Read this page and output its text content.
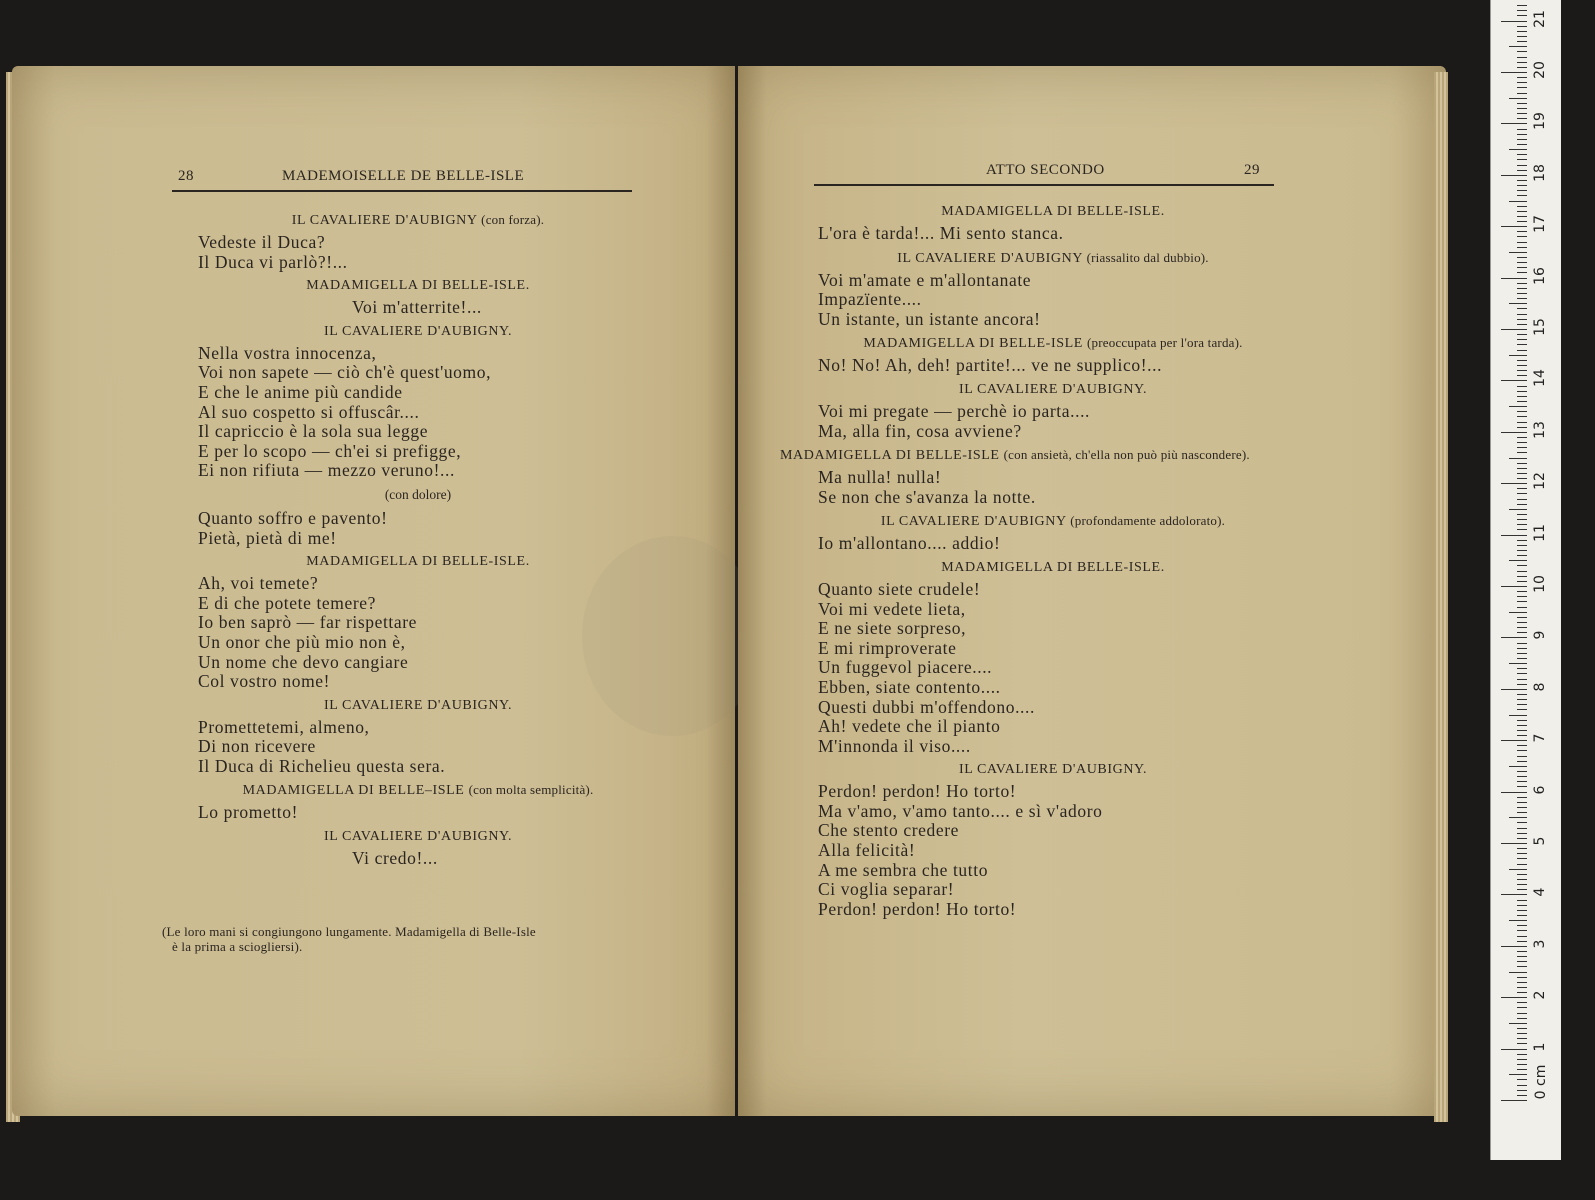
28	MADEMOISELLE DE BELLE-ISLE
IL CAVALIERE D'AUBIGNY (con forza).
Vedeste il Duca?
Il Duca vi parlò?!...
MADAMIGELLA DI BELLE-ISLE.
Voi m'atterrite!...
IL CAVALIERE D'AUBIGNY.
Nella vostra innocenza,
Voi non sapete — ciò ch'è quest'uomo,
E che le anime più candide
Al suo cospetto si offuscâr....
Il capriccio è la sola sua legge
E per lo scopo — ch'ei si prefigge,
Ei non rifiuta — mezzo veruno!...
(con dolore)
Quanto soffro e pavento!
Pietà, pietà di me!
MADAMIGELLA DI BELLE-ISLE.
Ah, voi temete?
E di che potete temere?
Io ben saprò — far rispettare
Un onor che più mio non è,
Un nome che devo cangiare
Col vostro nome!
IL CAVALIERE D'AUBIGNY.
Promettetemi, almeno,
Di non ricevere
Il Duca di Richelieu questa sera.
MADAMIGELLA DI BELLE–ISLE (con molta semplicità).
Lo prometto!
IL CAVALIERE D'AUBIGNY.
Vi credo!...
(Le loro mani si congiungono lungamente. Madamigella di Belle-Isle
è la prima a sciogliersi).
ATTO SECONDO	29
MADAMIGELLA DI BELLE-ISLE.
L'ora è tarda!... Mi sento stanca.
IL CAVALIERE D'AUBIGNY (riassalito dal dubbio).
Voi m'amate e m'allontanate
Impazïente....
Un istante, un istante ancora!
MADAMIGELLA DI BELLE-ISLE (preoccupata per l'ora tarda).
No! No! Ah, deh! partite!... ve ne supplico!...
IL CAVALIERE D'AUBIGNY.
Voi mi pregate — perchè io parta....
Ma, alla fin, cosa avviene?
MADAMIGELLA DI BELLE-ISLE (con ansietà, ch'ella non può più nascondere).
Ma nulla! nulla!
Se non che s'avanza la notte.
IL CAVALIERE D'AUBIGNY (profondamente addolorato).
Io m'allontano.... addio!
MADAMIGELLA DI BELLE-ISLE.
Quanto siete crudele!
Voi mi vedete lieta,
E ne siete sorpreso,
E mi rimproverate
Un fuggevol piacere....
Ebben, siate contento....
Questi dubbi m'offendono....
Ah! vedete che il pianto
M'innonda il viso....
IL CAVALIERE D'AUBIGNY.
Perdon! perdon! Ho torto!
Ma v'amo, v'amo tanto.... e sì v'adoro
Che stento credere
Alla felicità!
A me sembra che tutto
Ci voglia separar!
Perdon! perdon! Ho torto!
0 cm
1
2
3
4
5
6
7
8
9
10
11
12
13
14
15
16
17
18
19
20
21
